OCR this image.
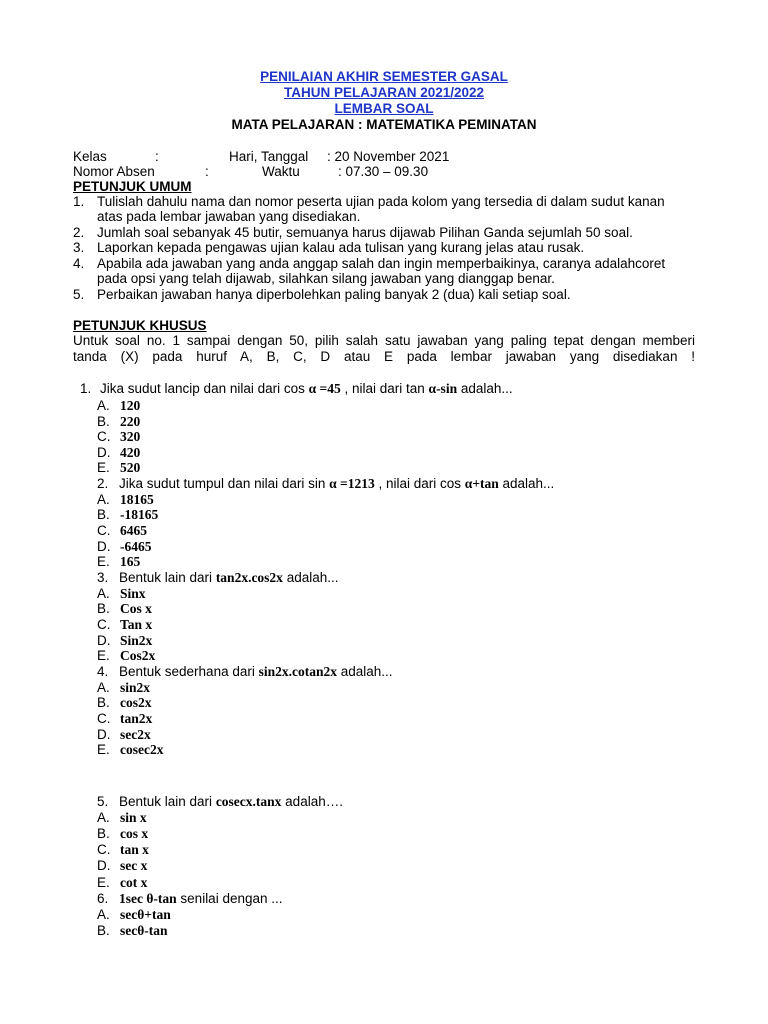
PENILAIAN AKHIR SEMESTER GASAL
TAHUN PELAJARAN 2021/2022
LEMBAR SOAL
MATA PELAJARAN : MATEMATIKA PEMINATAN
Kelas	:	Hari, Tanggal : 20 November 2021
Nomor Absen	:	Waktu	: 07.30 – 09.30
PETUNJUK UMUM
1. Tulislah dahulu nama dan nomor peserta ujian pada kolom yang tersedia di dalam sudut kanan
atas pada lembar jawaban yang disediakan.
2. Jumlah soal sebanyak 45 butir, semuanya harus dijawab Pilihan Ganda sejumlah 50 soal.
3. Laporkan kepada pengawas ujian kalau ada tulisan yang kurang jelas atau rusak.
4. Apabila ada jawaban yang anda anggap salah dan ingin memperbaikinya, caranya adalahcoret
pada opsi yang telah dijawab, silahkan silang jawaban yang dianggap benar.
5. Perbaikan jawaban hanya diperbolehkan paling banyak 2 (dua) kali setiap soal.
PETUNJUK KHUSUS
Untuk soal no. 1 sampai dengan 50, pilih salah satu jawaban yang paling tepat dengan memberi
tanda (X) pada huruf A, B, C, D atau E pada lembar jawaban yang disediakan !
1. Jika sudut lancip dan nilai dari cos α =45 , nilai dari tan α-sin adalah...
A. 120
B. 220
C. 320
D. 420
E. 520
2. Jika sudut tumpul dan nilai dari sin α =1213 , nilai dari cos α+tan adalah...
A. 18165
B. -18165
C. 6465
D. -6465
E. 165
3. Bentuk lain dari tan2x.cos2x adalah...
A. Sinx
B. Cos x
C. Tan x
D. Sin2x
E. Cos2x
4. Bentuk sederhana dari sin2x.cotan2x adalah...
A. sin2x
B. cos2x
C. tan2x
D. sec2x
E. cosec2x
5. Bentuk lain dari cosecx.tanx adalah….
A. sin x
B. cos x
C. tan x
D. sec x
E. cot x
6. 1sec θ-tan senilai dengan ...
A. secθ+tan
B. secθ-tan
